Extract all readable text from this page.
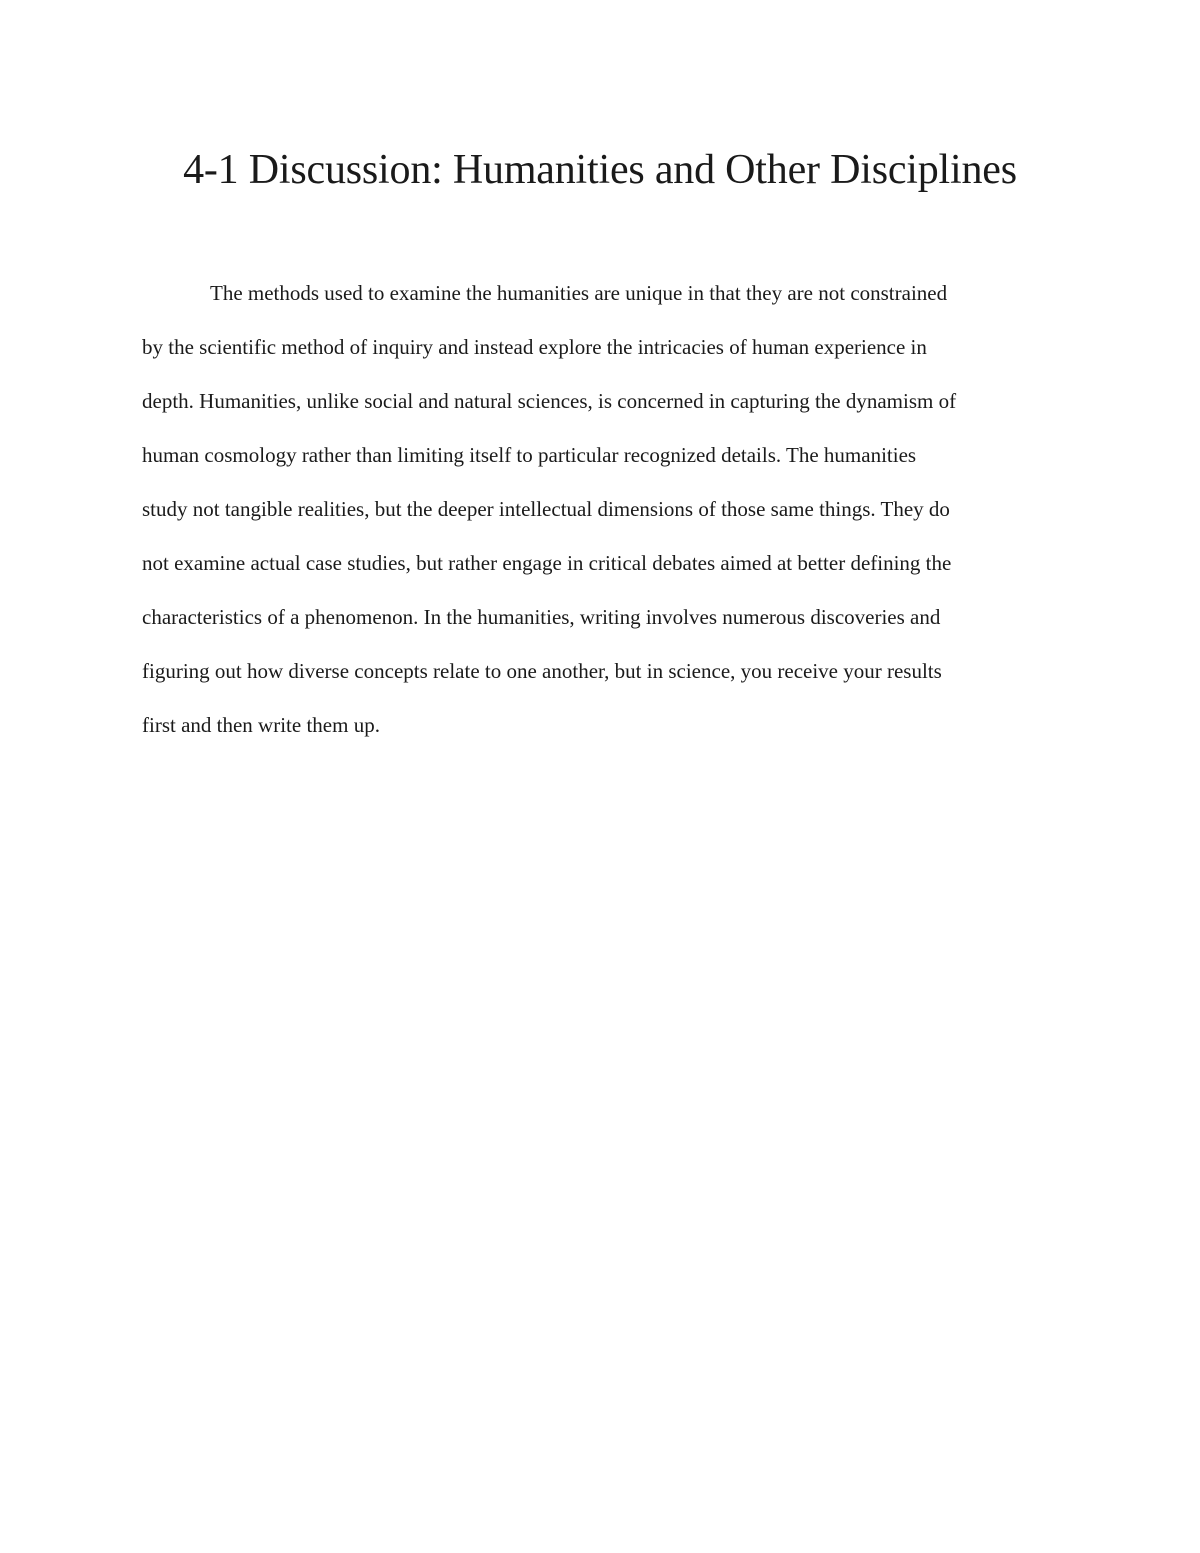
4-1 Discussion: Humanities and Other Disciplines
The methods used to examine the humanities are unique in that they are not constrained
by the scientific method of inquiry and instead explore the intricacies of human experience in
depth. Humanities, unlike social and natural sciences, is concerned in capturing the dynamism of
human cosmology rather than limiting itself to particular recognized details. The humanities
study not tangible realities, but the deeper intellectual dimensions of those same things. They do
not examine actual case studies, but rather engage in critical debates aimed at better defining the
characteristics of a phenomenon. In the humanities, writing involves numerous discoveries and
figuring out how diverse concepts relate to one another, but in science, you receive your results
first and then write them up.
